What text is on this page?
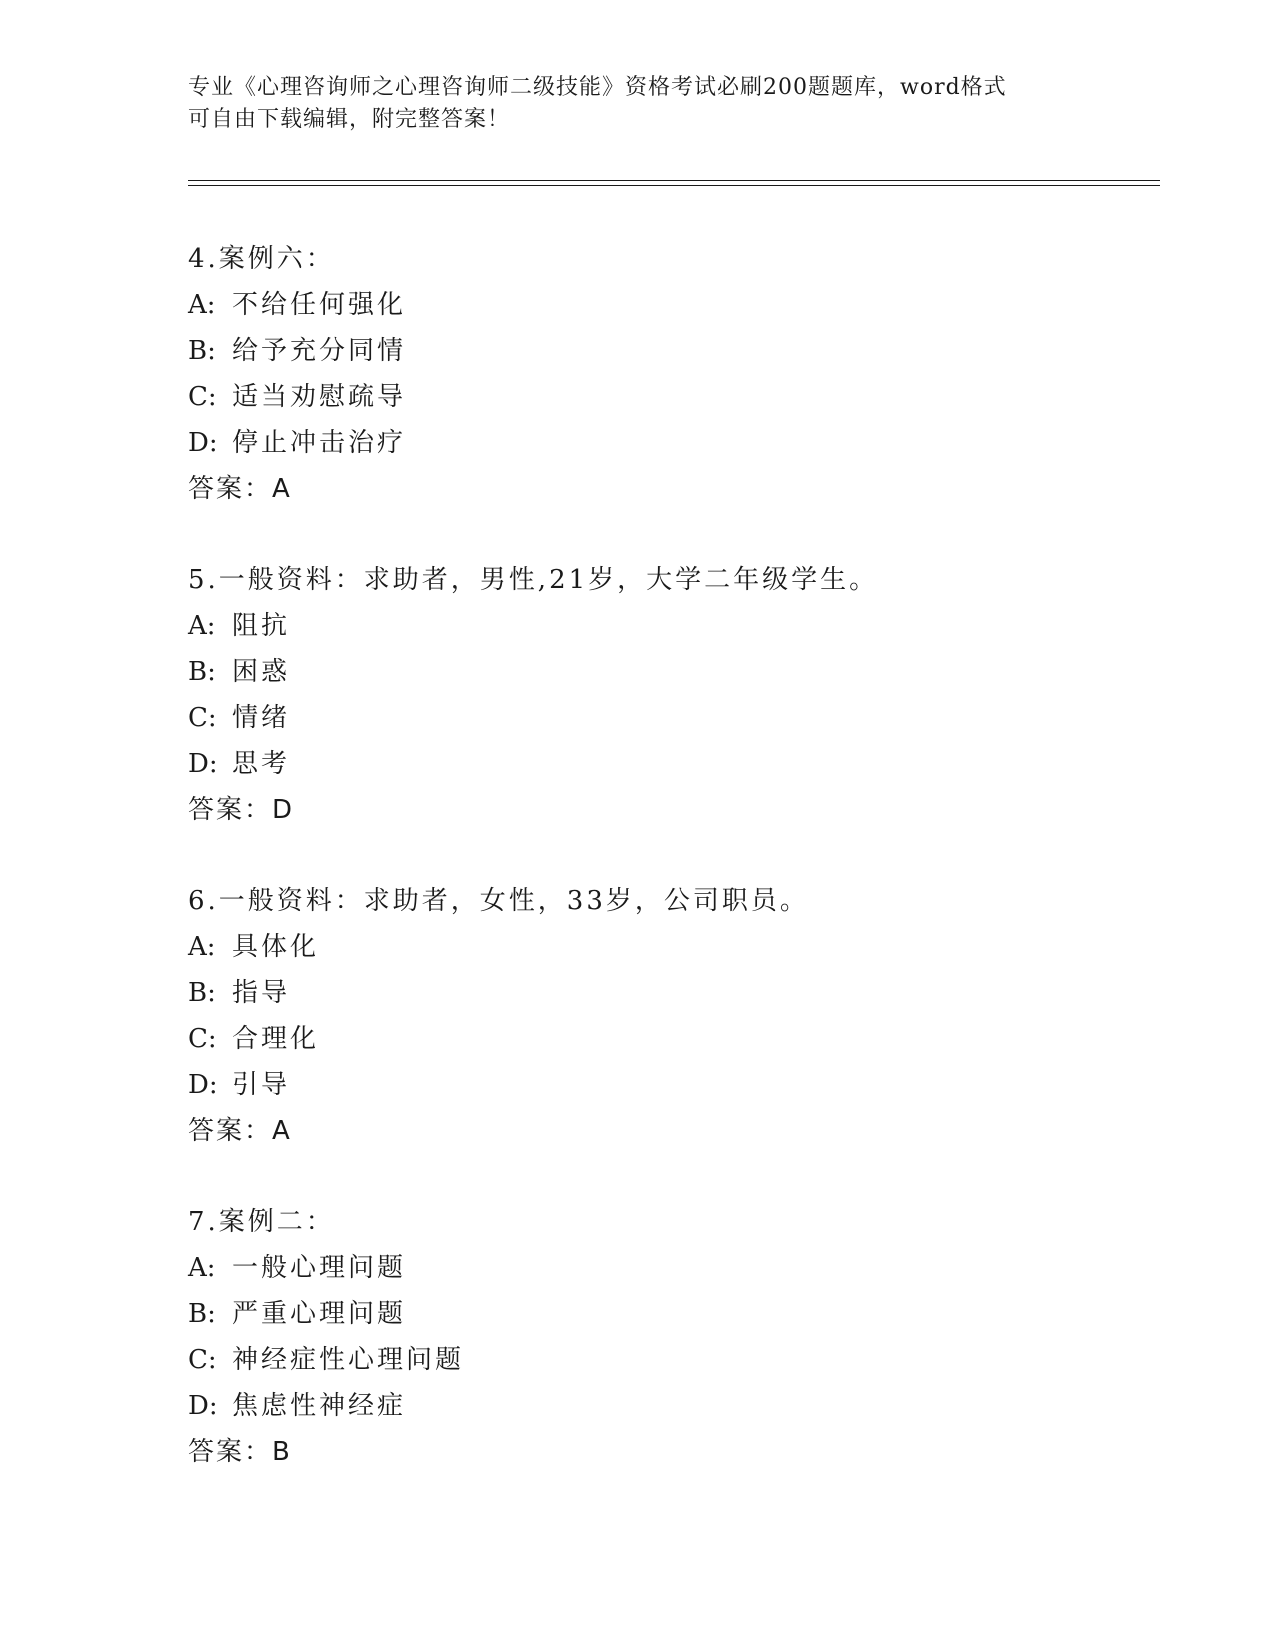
专业《心理咨询师之心理咨询师二级技能》资格考试必刷200题题库，word格式
可自由下载编辑，附完整答案！
4.案例六：
A: 不给任何强化
B: 给予充分同情
C: 适当劝慰疏导
D: 停止冲击治疗
答案：A
5.一般资料：求助者，男性,21岁，大学二年级学生。
A: 阻抗
B: 困惑
C: 情绪
D: 思考
答案：D
6.一般资料：求助者，女性，33岁，公司职员。
A: 具体化
B: 指导
C: 合理化
D: 引导
答案：A
7.案例二：
A: 一般心理问题
B: 严重心理问题
C: 神经症性心理问题
D: 焦虑性神经症
答案：B
